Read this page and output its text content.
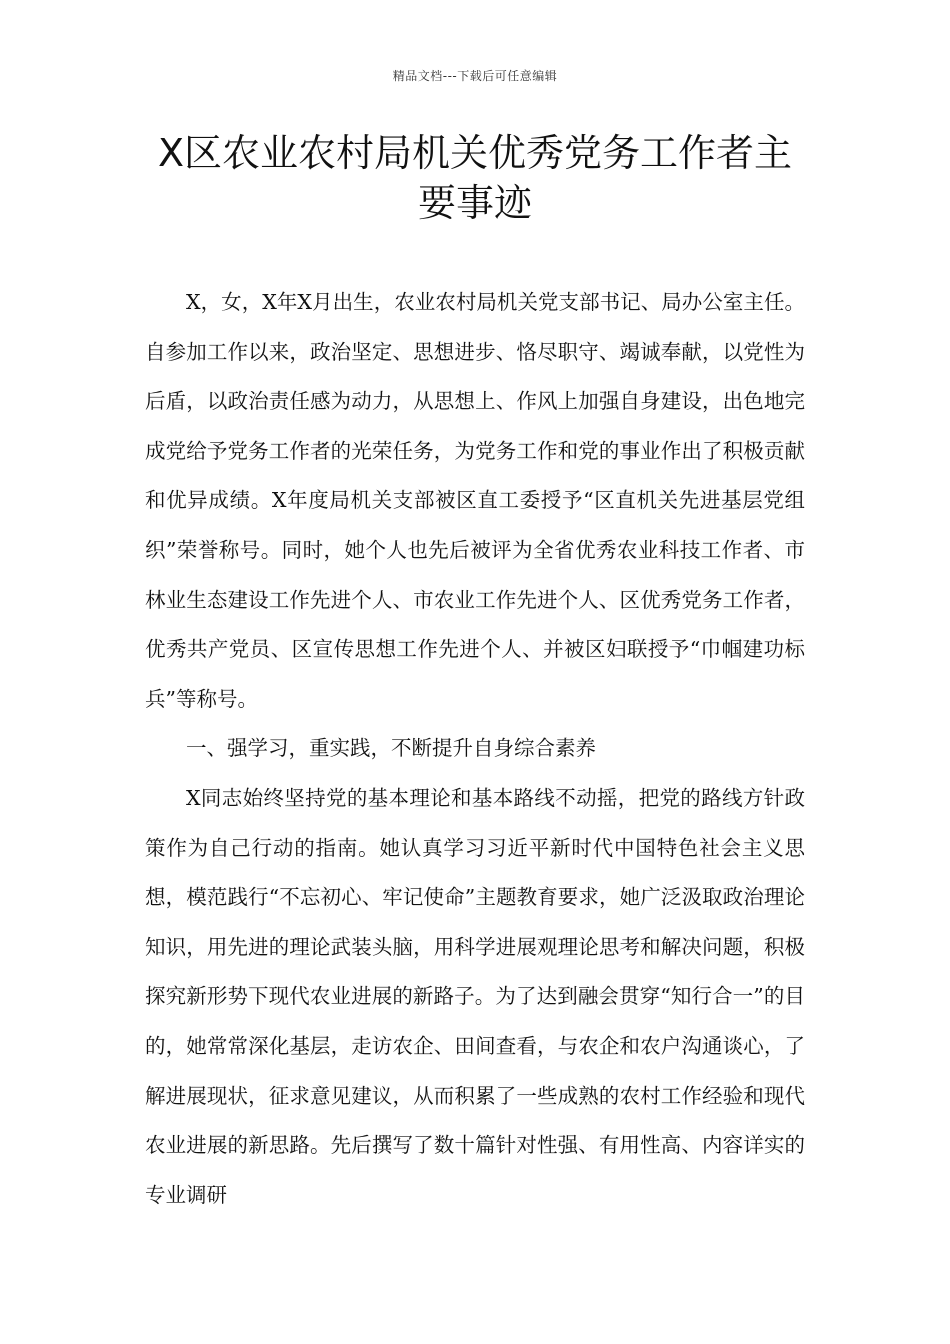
精品文档---下载后可任意编辑
X区农业农村局机关优秀党务工作者主
要事迹

X，女，X年X月出生，农业农村局机关党支部书记、局办公室主任。自参加工作以来，政治坚定、思想进步、恪尽职守、竭诚奉献，以党性为后盾，以政治责任感为动力，从思想上、作风上加强自身建设，出色地完成党给予党务工作者的光荣任务，为党务工作和党的事业作出了积极贡献和优异成绩。X年度局机关支部被区直工委授予“区直机关先进基层党组织”荣誉称号。同时，她个人也先后被评为全省优秀农业科技工作者、市林业生态建设工作先进个人、市农业工作先进个人、区优秀党务工作者，优秀共产党员、区宣传思想工作先进个人、并被区妇联授予“巾帼建功标兵”等称号。

一、强学习，重实践，不断提升自身综合素养

X同志始终坚持党的基本理论和基本路线不动摇，把党的路线方针政策作为自己行动的指南。她认真学习习近平新时代中国特色社会主义思想，模范践行“不忘初心、牢记使命”主题教育要求，她广泛汲取政治理论知识，用先进的理论武装头脑，用科学进展观理论思考和解决问题，积极探究新形势下现代农业进展的新路子。为了达到融会贯穿“知行合一”的目的，她常常深化基层，走访农企、田间查看，与农企和农户沟通谈心，了解进展现状，征求意见建议，从而积累了一些成熟的农村工作经验和现代农业进展的新思路。先后撰写了数十篇针对性强、有用性高、内容详实的专业调研
